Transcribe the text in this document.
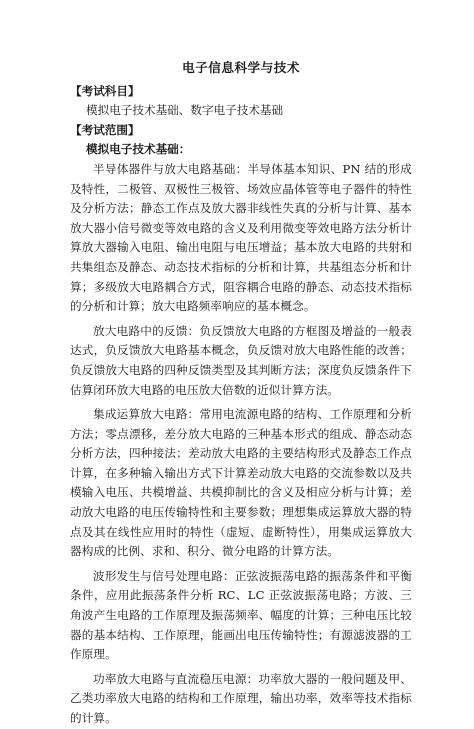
电子信息科学与技术
【考试科目】
模拟电子技术基础、数字电子技术基础
【考试范围】
模拟电子技术基础：

半导体器件与放大电路基础：半导体基本知识、PN 结的形成及特性，二极管、双极性三极管、场效应晶体管等电子器件的特性及分析方法；静态工作点及放大器非线性失真的分析与计算、基本放大器小信号微变等效电路的含义及利用微变等效电路方法分析计算放大器输入电阻、输出电阻与电压增益；基本放大电路的共射和共集组态及静态、动态技术指标的分析和计算，共基组态分析和计算；多级放大电路耦合方式，阻容耦合电路的静态、动态技术指标的分析和计算；放大电路频率响应的基本概念。

放大电路中的反馈：负反馈放大电路的方框图及增益的一般表达式，负反馈放大电路基本概念，负反馈对放大电路性能的改善；负反馈放大电路的四种反馈类型及其判断方法；深度负反馈条件下估算闭环放大电路的电压放大倍数的近似计算方法。

集成运算放大电路：常用电流源电路的结构、工作原理和分析方法；零点漂移，差分放大电路的三种基本形式的组成、静态动态分析方法，四种接法；差动放大电路的主要结构形式及静态工作点计算，在多种输入输出方式下计算差动放大电路的交流参数以及共模输入电压、共模增益、共模抑制比的含义及相应分析与计算；差动放大电路的电压传输特性和主要参数；理想集成运算放大器的特点及其在线性应用时的特性（虚短、虚断特性），用集成运算放大器构成的比例、求和、积分、微分电路的计算方法。

波形发生与信号处理电路：正弦波振荡电路的振荡条件和平衡条件，应用此振荡条件分析 RC、LC 正弦波振荡电路；方波、三角波产生电路的工作原理及振荡频率、幅度的计算；三种电压比较器的基本结构、工作原理，能画出电压传输特性；有源滤波器的工作原理。

功率放大电路与直流稳压电源：功率放大器的一般问题及甲、乙类功率放大电路的结构和工作原理，输出功率，效率等技术指标的计算。
